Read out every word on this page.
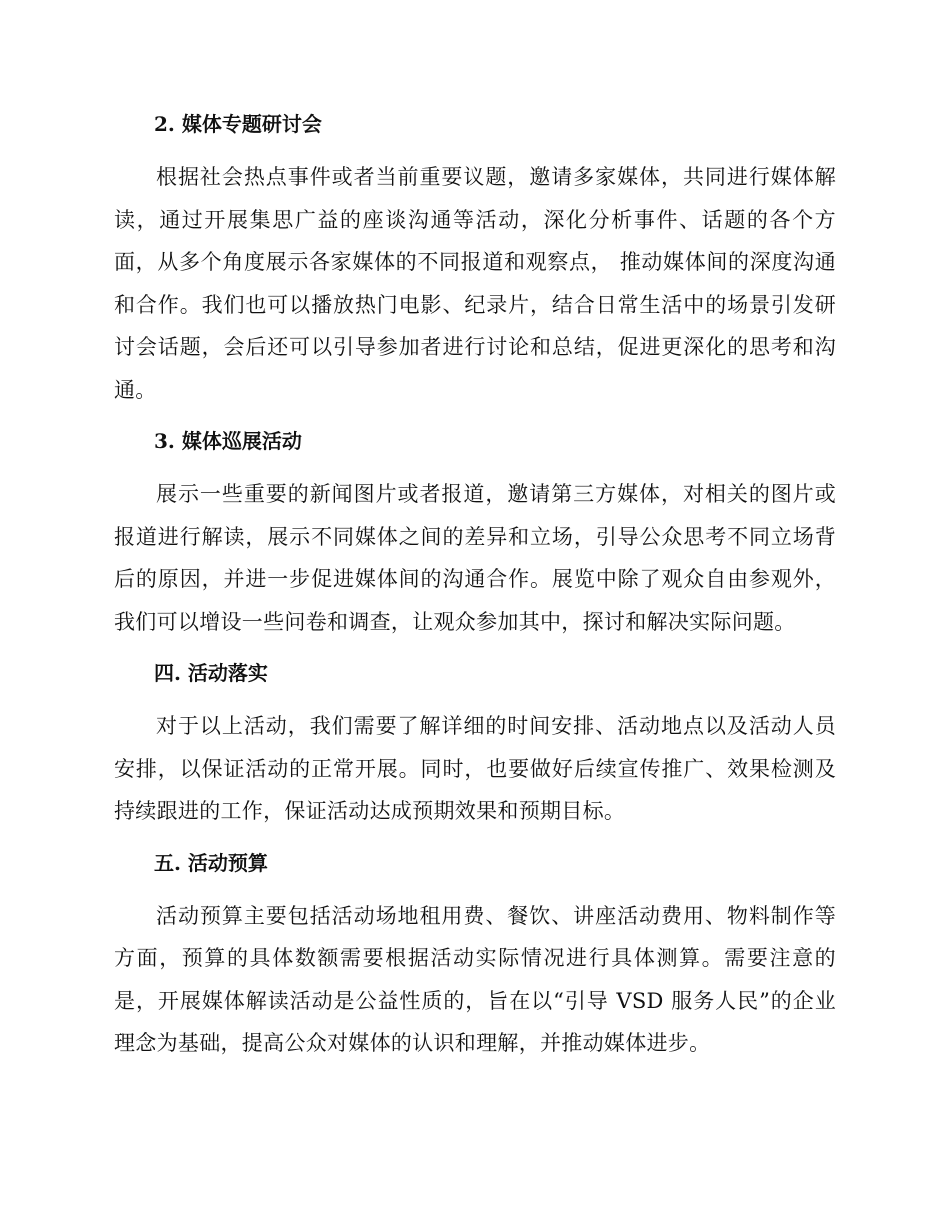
2. 媒体专题研讨会

根据社会热点事件或者当前重要议题，邀请多家媒体，共同进行媒体解读，通过开展集思广益的座谈沟通等活动，深化分析事件、话题的各个方面，从多个角度展示各家媒体的不同报道和观察点， 推动媒体间的深度沟通和合作。我们也可以播放热门电影、纪录片，结合日常生活中的场景引发研讨会话题，会后还可以引导参加者进行讨论和总结，促进更深化的思考和沟通。

3. 媒体巡展活动

展示一些重要的新闻图片或者报道，邀请第三方媒体，对相关的图片或报道进行解读，展示不同媒体之间的差异和立场，引导公众思考不同立场背后的原因，并进一步促进媒体间的沟通合作。展览中除了观众自由参观外，我们可以增设一些问卷和调查，让观众参加其中，探讨和解决实际问题。

四. 活动落实

对于以上活动，我们需要了解详细的时间安排、活动地点以及活动人员安排，以保证活动的正常开展。同时，也要做好后续宣传推广、效果检测及持续跟进的工作，保证活动达成预期效果和预期目标。

五. 活动预算

活动预算主要包括活动场地租用费、餐饮、讲座活动费用、物料制作等方面，预算的具体数额需要根据活动实际情况进行具体测算。需要注意的是，开展媒体解读活动是公益性质的，旨在以“引导 VSD 服务人民”的企业理念为基础，提高公众对媒体的认识和理解，并推动媒体进步。
